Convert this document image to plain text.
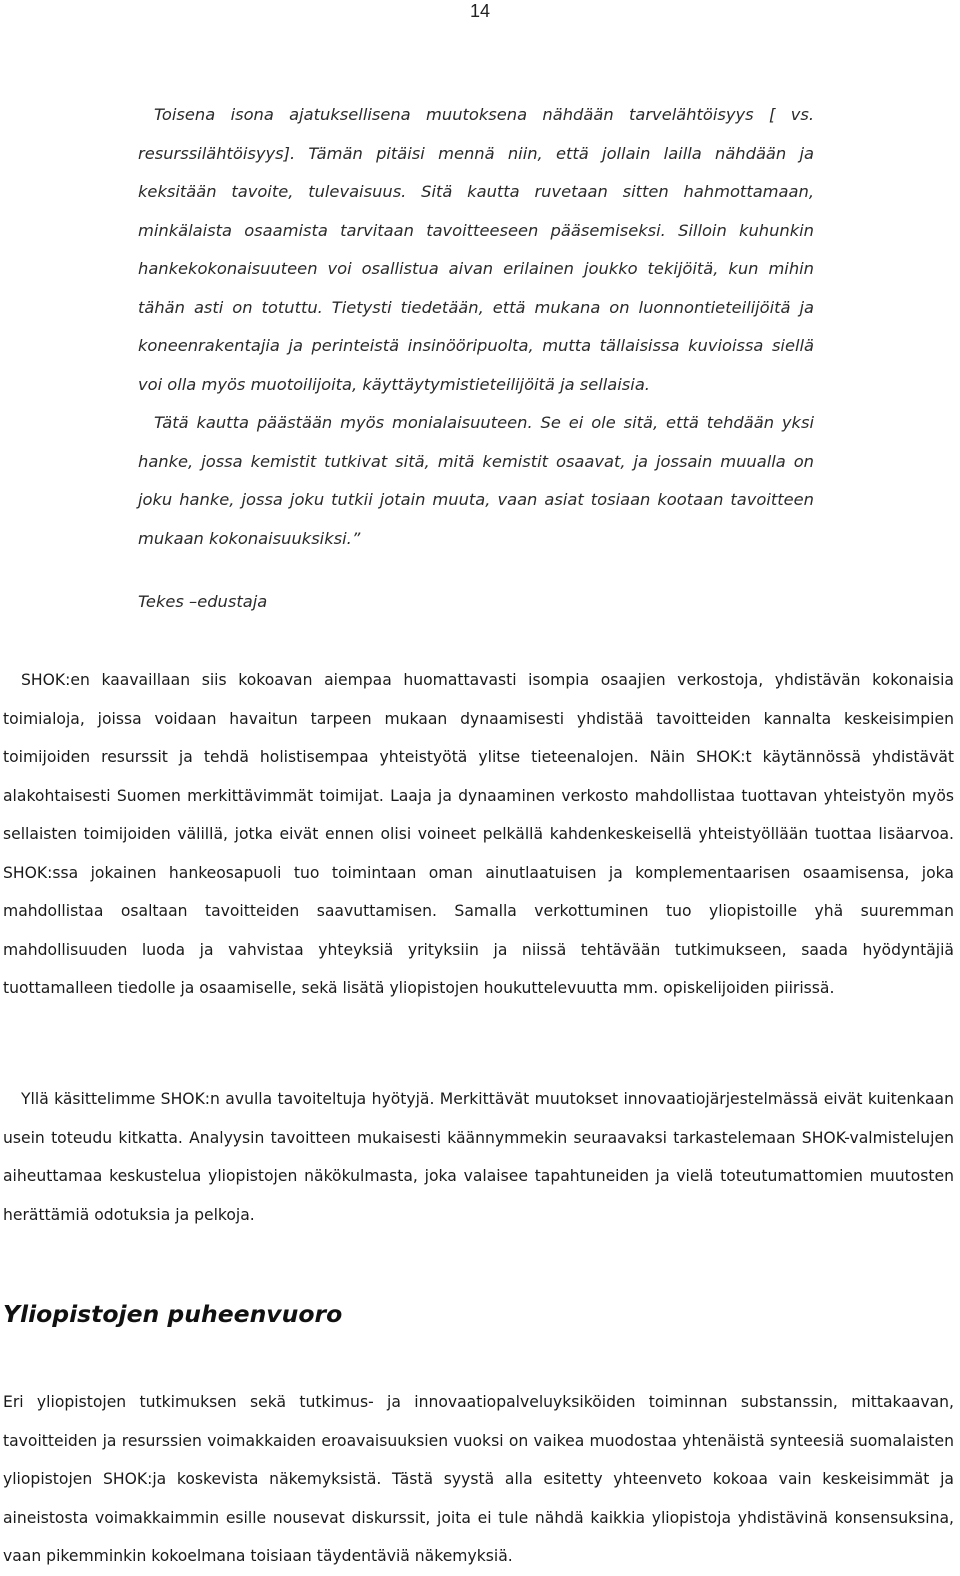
14

Toisena isona ajatuksellisena muutoksena nähdään tarvelähtöisyys [ vs. resurssilähtöisyys]. Tämän pitäisi mennä niin, että jollain lailla nähdään ja keksitään tavoite, tulevaisuus. Sitä kautta ruvetaan sitten hahmottamaan, minkälaista osaamista tarvitaan tavoitteeseen pääsemiseksi. Silloin kuhunkin hankekokonaisuuteen voi osallistua aivan erilainen joukko tekijöitä, kun mihin tähän asti on totuttu. Tietysti tiedetään, että mukana on luonnontieteilijöitä ja koneenrakentajia ja perinteistä insinööripuolta, mutta tällaisissa kuvioissa siellä voi olla myös muotoilijoita, käyttäytymistieteilijöitä ja sellaisia.

Tätä kautta päästään myös monialaisuuteen. Se ei ole sitä, että tehdään yksi hanke, jossa kemistit tutkivat sitä, mitä kemistit osaavat, ja jossain muualla on joku hanke, jossa joku tutkii jotain muuta, vaan asiat tosiaan kootaan tavoitteen mukaan kokonaisuuksiksi.”

Tekes –edustaja

SHOK:en kaavaillaan siis kokoavan aiempaa huomattavasti isompia osaajien verkostoja, yhdistävän kokonaisia toimialoja, joissa voidaan havaitun tarpeen mukaan dynaamisesti yhdistää tavoitteiden kannalta keskeisimpien toimijoiden resurssit ja tehdä holistisempaa yhteistyötä ylitse tieteenalojen. Näin SHOK:t käytännössä yhdistävät alakohtaisesti Suomen merkittävimmät toimijat. Laaja ja dynaaminen verkosto mahdollistaa tuottavan yhteistyön myös sellaisten toimijoiden välillä, jotka eivät ennen olisi voineet pelkällä kahdenkeskeisellä yhteistyöllään tuottaa lisäarvoa. SHOK:ssa jokainen hankeosapuoli tuo toimintaan oman ainutlaatuisen ja komplementaarisen osaamisensa, joka mahdollistaa osaltaan tavoitteiden saavuttamisen. Samalla verkottuminen tuo yliopistoille yhä suuremman mahdollisuuden luoda ja vahvistaa yhteyksiä yrityksiin ja niissä tehtävään tutkimukseen, saada hyödyntäjiä tuottamalleen tiedolle ja osaamiselle, sekä lisätä yliopistojen houkuttelevuutta mm. opiskelijoiden piirissä.

Yllä käsittelimme SHOK:n avulla tavoiteltuja hyötyjä. Merkittävät muutokset innovaatiojärjestelmässä eivät kuitenkaan usein toteudu kitkatta. Analyysin tavoitteen mukaisesti käännymmekin seuraavaksi tarkastelemaan SHOK-valmistelujen aiheuttamaa keskustelua yliopistojen näkökulmasta, joka valaisee tapahtuneiden ja vielä toteutumattomien muutosten herättämiä odotuksia ja pelkoja.

Yliopistojen puheenvuoro

Eri yliopistojen tutkimuksen sekä tutkimus- ja innovaatiopalveluyksiköiden toiminnan substanssin, mittakaavan, tavoitteiden ja resurssien voimakkaiden eroavaisuuksien vuoksi on vaikea muodostaa yhtenäistä synteesiä suomalaisten yliopistojen SHOK:ja koskevista näkemyksistä. Tästä syystä alla esitetty yhteenveto kokoaa vain keskeisimmät ja aineistosta voimakkaimmin esille nousevat diskurssit, joita ei tule nähdä kaikkia yliopistoja yhdistävinä konsensuksina, vaan pikemminkin kokoelmana toisiaan täydentäviä näkemyksiä.
